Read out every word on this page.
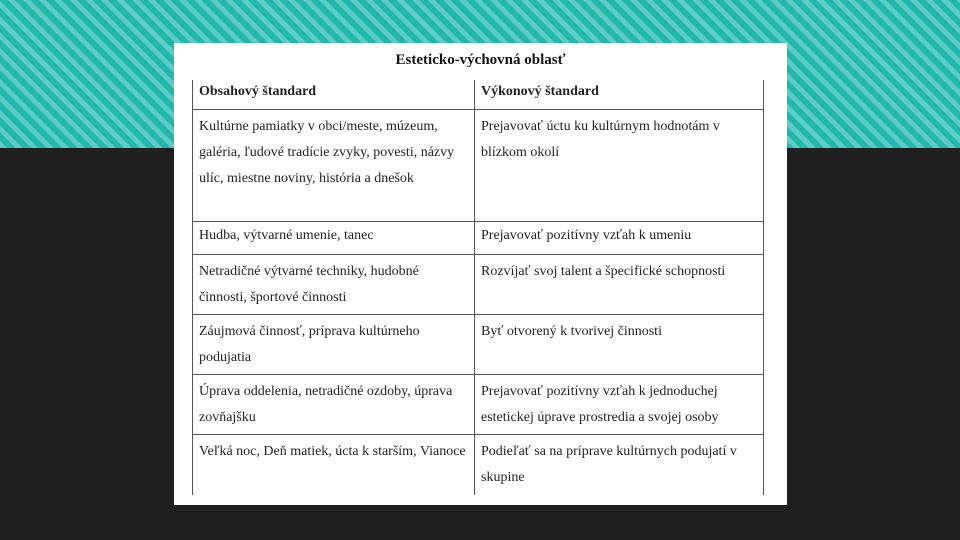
Esteticko-výchovná oblasť
Obsahový štandard	Výkonový štandard
Kultúrne pamiatky v obci/meste, múzeum, galéria, ľudové tradície zvyky, povesti, názvy ulíc, miestne noviny, história a dnešok	Prejavovať úctu ku kultúrnym hodnotám v blízkom okolí
Hudba, výtvarné umenie, tanec	Prejavovať pozitívny vzťah k umeniu
Netradičné výtvarné techniky, hudobné činnosti, športové činnosti	Rozvíjať svoj talent a špecifické schopnosti
Záujmová činnosť, príprava kultúrneho podujatia	Byť otvorený k tvorivej činnosti
Úprava oddelenia, netradičné ozdoby, úprava zovňajšku	Prejavovať pozitívny vzťah k jednoduchej estetickej úprave prostredia a svojej osoby
Veľká noc, Deň matiek, úcta k starším, Vianoce	Podieľať sa na príprave kultúrnych podujatí v skupine
